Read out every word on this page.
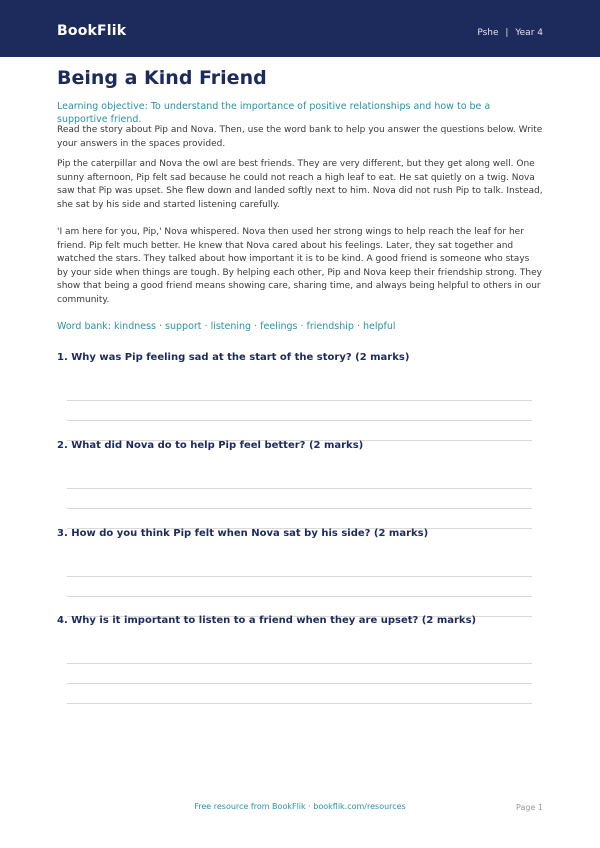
BookFlik	Pshe | Year 4
Being a Kind Friend
Learning objective: To understand the importance of positive relationships and how to be a supportive friend.
Read the story about Pip and Nova. Then, use the word bank to help you answer the questions below. Write your answers in the spaces provided.
Pip the caterpillar and Nova the owl are best friends. They are very different, but they get along well. One sunny afternoon, Pip felt sad because he could not reach a high leaf to eat. He sat quietly on a twig. Nova saw that Pip was upset. She flew down and landed softly next to him. Nova did not rush Pip to talk. Instead, she sat by his side and started listening carefully.
'I am here for you, Pip,' Nova whispered. Nova then used her strong wings to help reach the leaf for her friend. Pip felt much better. He knew that Nova cared about his feelings. Later, they sat together and watched the stars. They talked about how important it is to be kind. A good friend is someone who stays by your side when things are tough. By helping each other, Pip and Nova keep their friendship strong. They show that being a good friend means showing care, sharing time, and always being helpful to others in our community.
Word bank: kindness · support · listening · feelings · friendship · helpful
1. Why was Pip feeling sad at the start of the story? (2 marks)
2. What did Nova do to help Pip feel better? (2 marks)
3. How do you think Pip felt when Nova sat by his side? (2 marks)
4. Why is it important to listen to a friend when they are upset? (2 marks)
Free resource from BookFlik · bookflik.com/resources	Page 1
